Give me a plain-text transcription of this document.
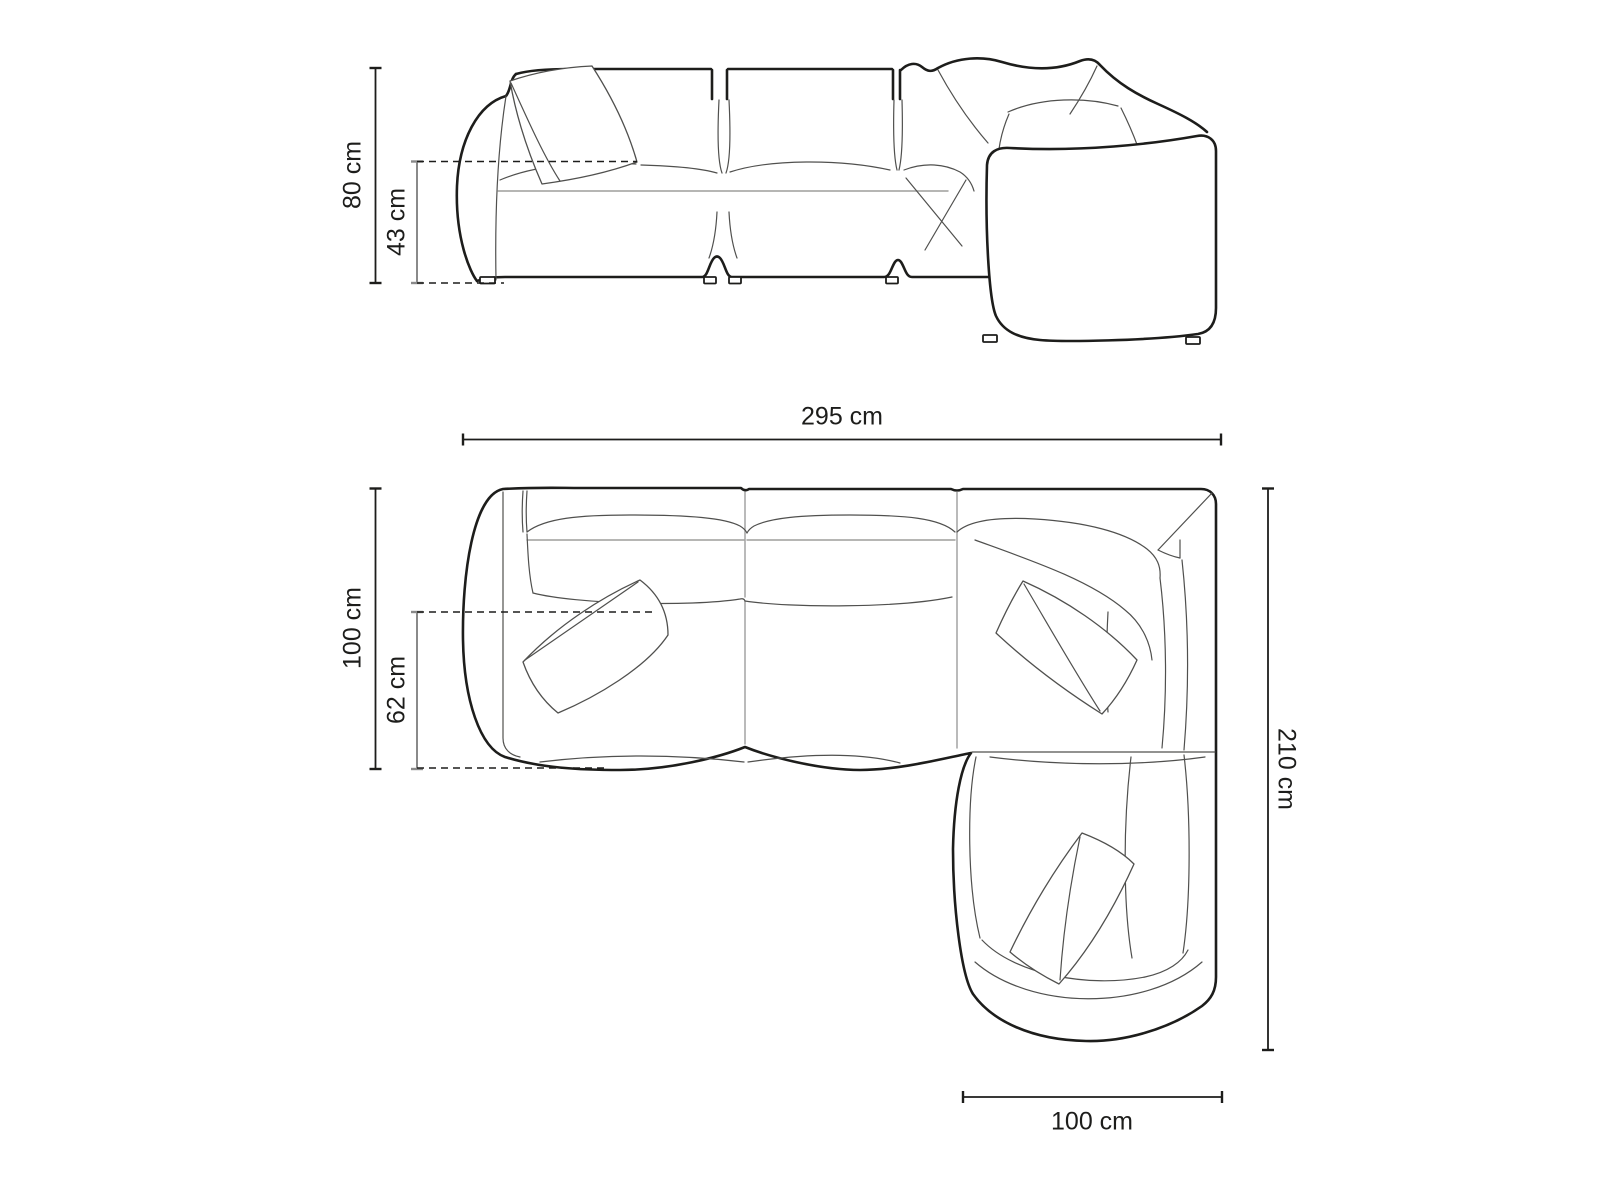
80 cm
43 cm
295 cm
100 cm
62 cm
210 cm
100 cm
